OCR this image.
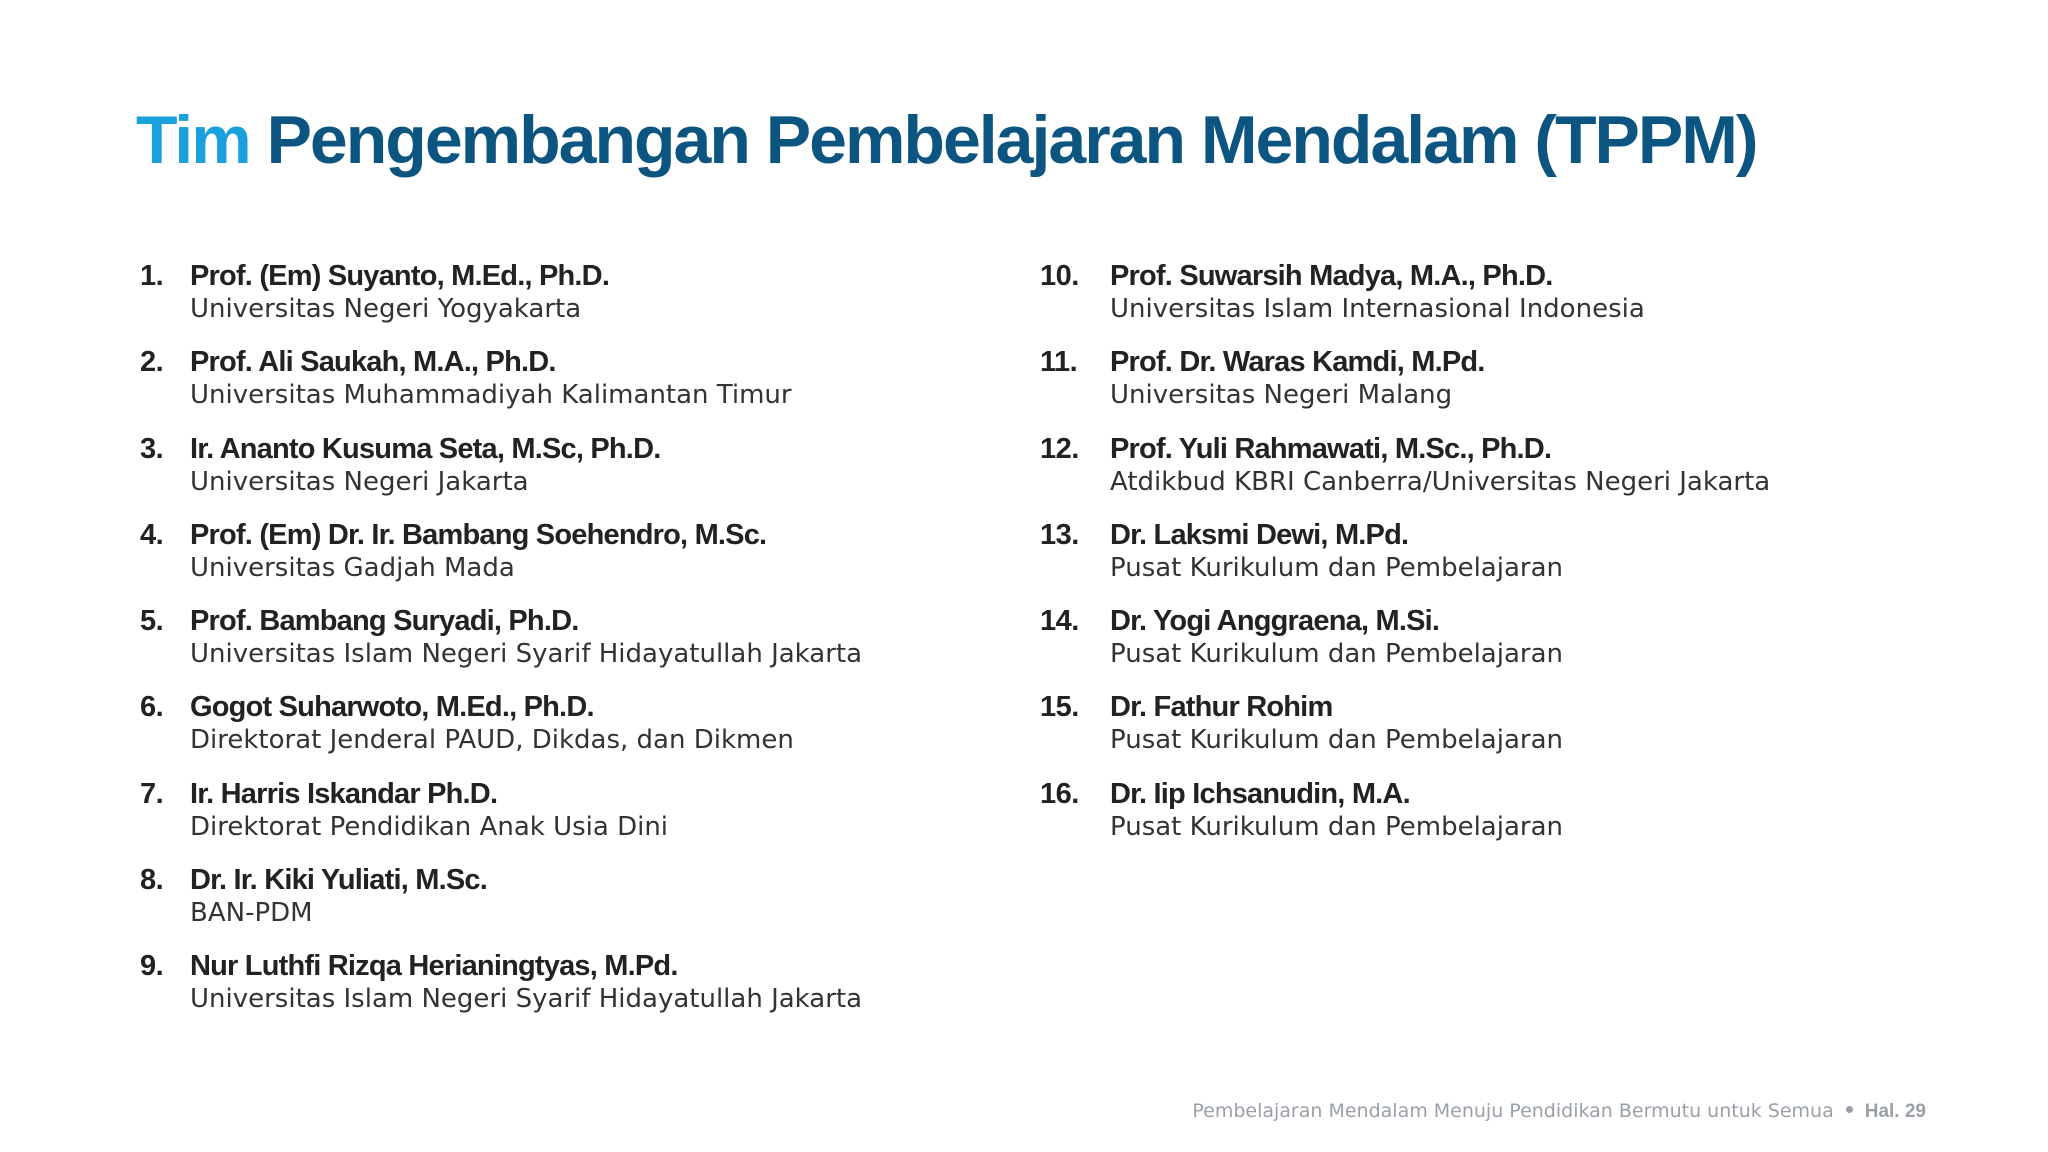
Tim Pengembangan Pembelajaran Mendalam (TPPM)
1. Prof. (Em) Suyanto, M.Ed., Ph.D.
Universitas Negeri Yogyakarta
2. Prof. Ali Saukah, M.A., Ph.D.
Universitas Muhammadiyah Kalimantan Timur
3. Ir. Ananto Kusuma Seta, M.Sc, Ph.D.
Universitas Negeri Jakarta
4. Prof. (Em) Dr. Ir. Bambang Soehendro, M.Sc.
Universitas Gadjah Mada
5. Prof. Bambang Suryadi, Ph.D.
Universitas Islam Negeri Syarif Hidayatullah Jakarta
6. Gogot Suharwoto, M.Ed., Ph.D.
Direktorat Jenderal PAUD, Dikdas, dan Dikmen
7. Ir. Harris Iskandar Ph.D.
Direktorat Pendidikan Anak Usia Dini
8. Dr. Ir. Kiki Yuliati, M.Sc.
BAN-PDM
9. Nur Luthfi Rizqa Herianingtyas, M.Pd.
Universitas Islam Negeri Syarif Hidayatullah Jakarta
10. Prof. Suwarsih Madya, M.A., Ph.D.
Universitas Islam Internasional Indonesia
11. Prof. Dr. Waras Kamdi, M.Pd.
Universitas Negeri Malang
12. Prof. Yuli Rahmawati, M.Sc., Ph.D.
Atdikbud KBRI Canberra/Universitas Negeri Jakarta
13. Dr. Laksmi Dewi, M.Pd.
Pusat Kurikulum dan Pembelajaran
14. Dr. Yogi Anggraena, M.Si.
Pusat Kurikulum dan Pembelajaran
15. Dr. Fathur Rohim
Pusat Kurikulum dan Pembelajaran
16. Dr. Iip Ichsanudin, M.A.
Pusat Kurikulum dan Pembelajaran
Pembelajaran Mendalam Menuju Pendidikan Bermutu untuk Semua Hal. 29
